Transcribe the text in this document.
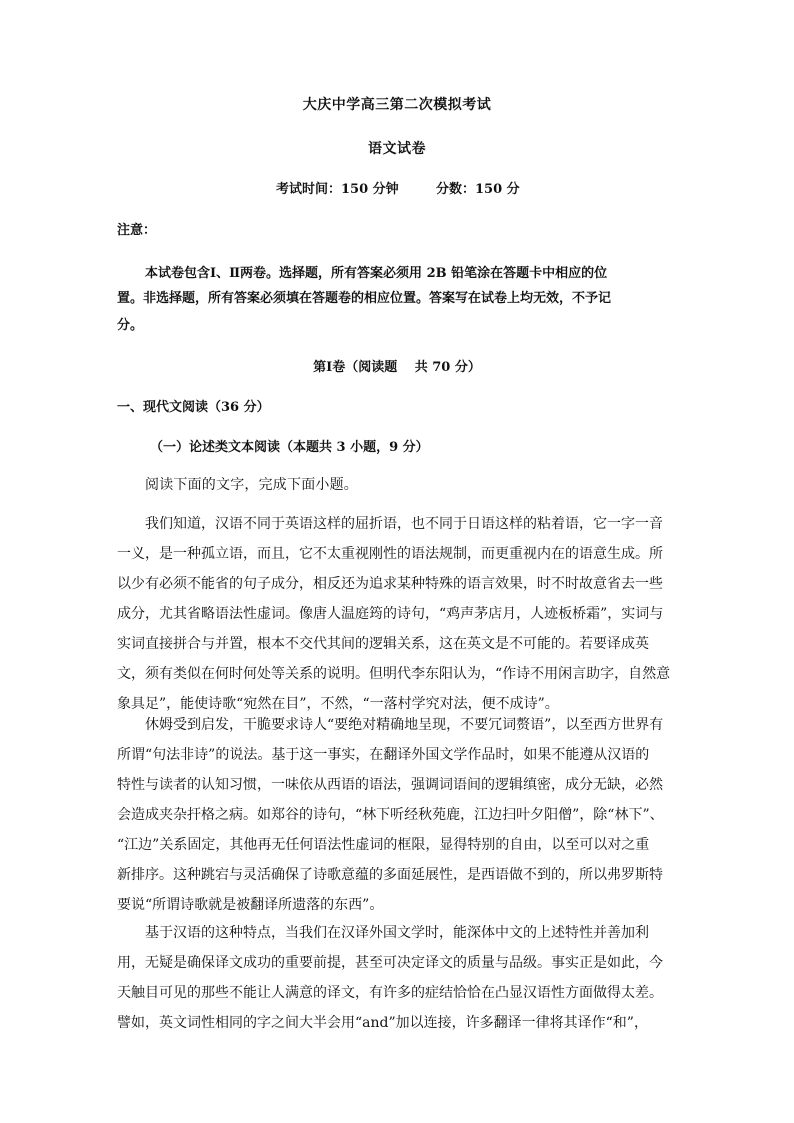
大庆中学高三第二次模拟考试
语文试卷
考试时间：150 分钟	分数：150 分
注意：
本试卷包含Ⅰ、Ⅱ两卷。选择题，所有答案必须用 2B 铅笔涂在答题卡中相应的位
置。非选择题，所有答案必须填在答题卷的相应位置。答案写在试卷上均无效，不予记
分。
第Ⅰ卷（阅读题　 共 70 分）
一、现代文阅读（36 分）
（一）论述类文本阅读（本题共 3 小题，9 分）
阅读下面的文字，完成下面小题。
我们知道，汉语不同于英语这样的屈折语，也不同于日语这样的粘着语，它一字一音
一义，是一种孤立语，而且，它不太重视刚性的语法规制，而更重视内在的语意生成。所
以少有必须不能省的句子成分，相反还为追求某种特殊的语言效果，时不时故意省去一些
成分，尤其省略语法性虚词。像唐人温庭筠的诗句，“鸡声茅店月，人迹板桥霜”，实词与
实词直接拼合与并置，根本不交代其间的逻辑关系，这在英文是不可能的。若要译成英
文，须有类似在何时何处等关系的说明。但明代李东阳认为，“作诗不用闲言助字，自然意
象具足”，能使诗歌“宛然在目”，不然，“一落村学究对法，便不成诗”。
休姆受到启发，干脆要求诗人“要绝对精确地呈现，不要冗词赘语”，以至西方世界有
所谓“句法非诗”的说法。基于这一事实，在翻译外国文学作品时，如果不能遵从汉语的
特性与读者的认知习惯，一味依从西语的语法，强调词语间的逻辑缜密，成分无缺，必然
会造成夹杂扞格之病。如郑谷的诗句，“林下听经秋苑鹿，江边扫叶夕阳僧”，除“林下”、
“江边”关系固定，其他再无任何语法性虚词的框限，显得特别的自由，以至可以对之重
新排序。这种跳宕与灵活确保了诗歌意蕴的多面延展性，是西语做不到的，所以弗罗斯特
要说“所谓诗歌就是被翻译所遗落的东西”。
基于汉语的这种特点，当我们在汉译外国文学时，能深体中文的上述特性并善加利
用，无疑是确保译文成功的重要前提，甚至可决定译文的质量与品级。事实正是如此，今
天触目可见的那些不能让人满意的译文，有许多的症结恰恰在凸显汉语性方面做得太差。
譬如，英文词性相同的字之间大半会用“and”加以连接，许多翻译一律将其译作“和”，
